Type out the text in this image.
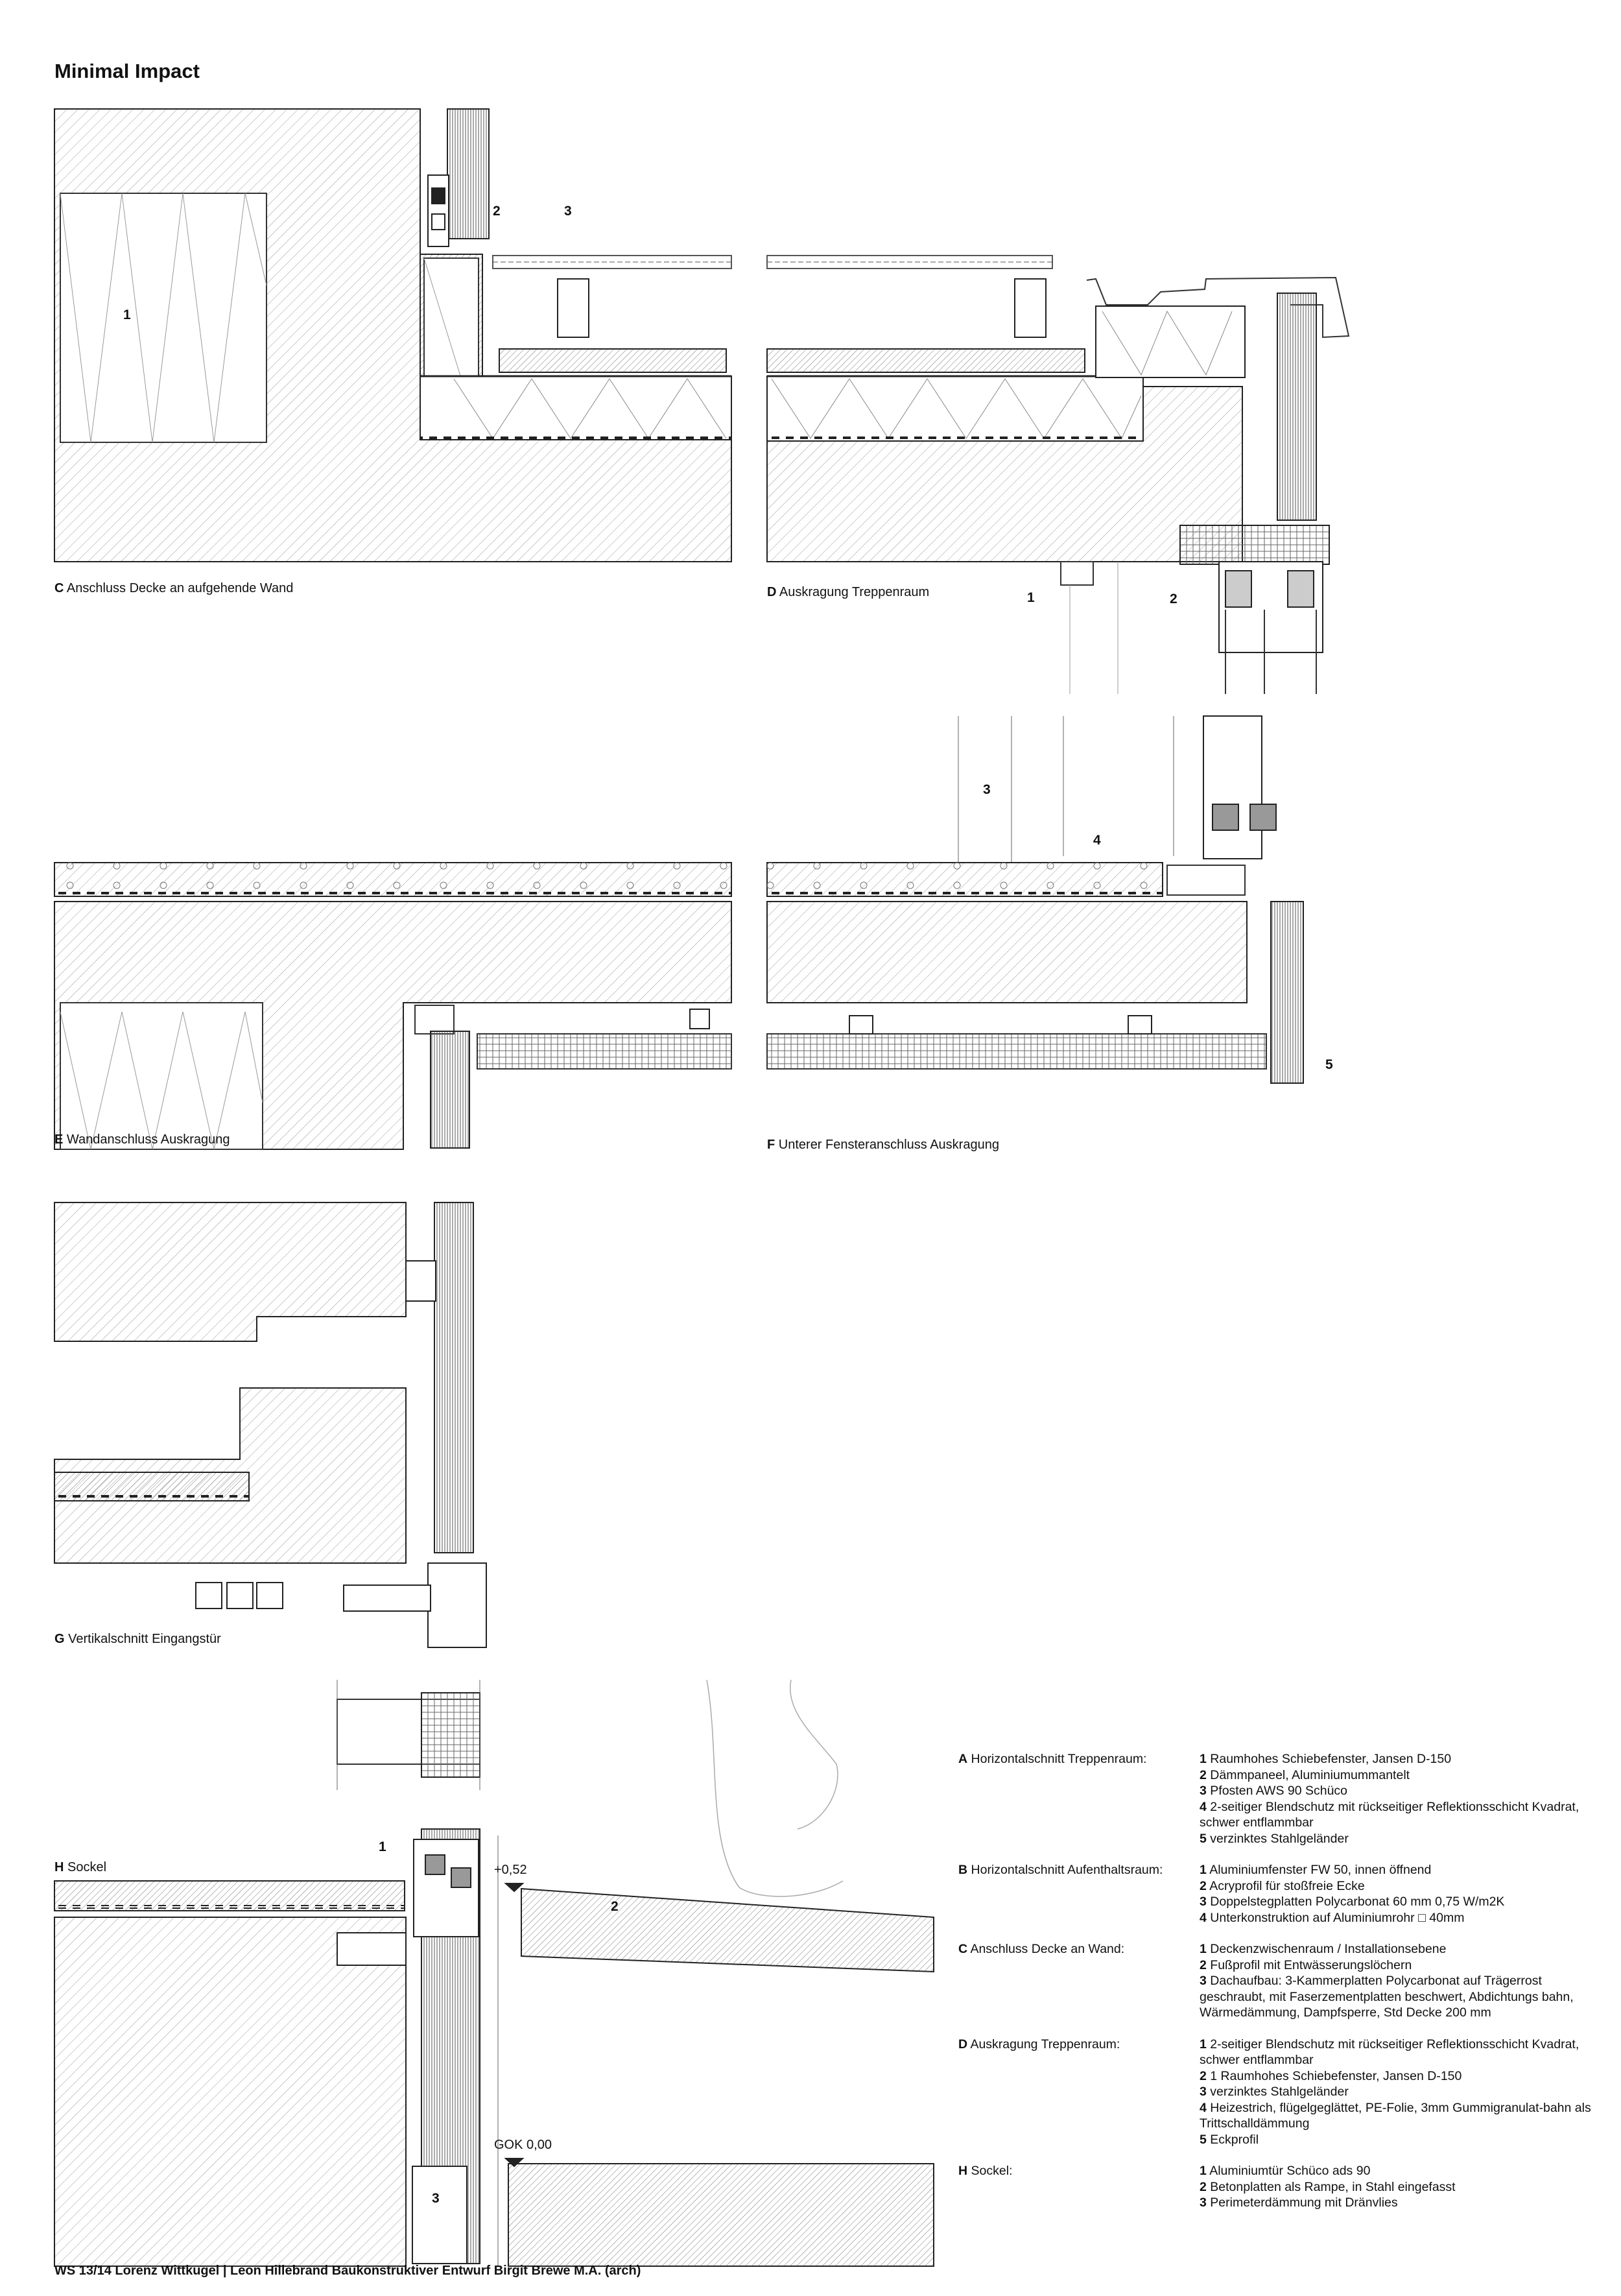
Minimal Impact
C Anschluss Decke an aufgehende Wand
1
2	3
D Auskragung Treppenraum	1	2
E Wandanschluss Auskragung	F Unterer Fensteranschluss Auskragung
3
4
5
G Vertikalschnitt Eingangstür
H Sockel
1
2
3
+0,52
GOK 0,00
A Horizontalschnitt Treppenraum:	1 Raumhohes Schiebefenster, Jansen D-150
2 Dämmpaneel, Aluminiumummantelt
3 Pfosten AWS 90 Schüco
4 2-seitiger Blendschutz mit rückseitiger Reflektionsschicht Kvadrat, schwer entflammbar
5 verzinktes Stahlgeländer
B Horizontalschnitt Aufenthaltsraum:	1 Aluminiumfenster FW 50, innen öffnend
2 Acryprofil für stoßfreie Ecke
3 Doppelstegplatten Polycarbonat 60 mm 0,75 W/m2K
4 Unterkonstruktion auf Aluminiumrohr □ 40mm
C Anschluss Decke an Wand:	1 Deckenzwischenraum / Installationsebene
2 Fußprofil mit Entwässerungslöchern
3 Dachaufbau: 3-Kammerplatten Polycarbonat auf Trägerrost geschraubt, mit Faserzementplatten beschwert, Abdichtungs bahn, Wärmedämmung, Dampfsperre, Std Decke 200 mm
D Auskragung Treppenraum:	1 2-seitiger Blendschutz mit rückseitiger Reflektionsschicht Kvadrat, schwer entflammbar
2 1 Raumhohes Schiebefenster, Jansen D-150
3 verzinktes Stahlgeländer
4 Heizestrich, flügelgeglättet, PE-Folie, 3mm Gummigranulat-bahn als Trittschalldämmung
5 Eckprofil
H Sockel:	1 Aluminiumtür Schüco ads 90
2 Betonplatten als Rampe, in Stahl eingefasst
3 Perimeterdämmung mit Dränvlies
WS 13/14 Lorenz Wittkugel | Leon Hillebrand Baukonstruktiver Entwurf Birgit Brewe M.A. (arch)
